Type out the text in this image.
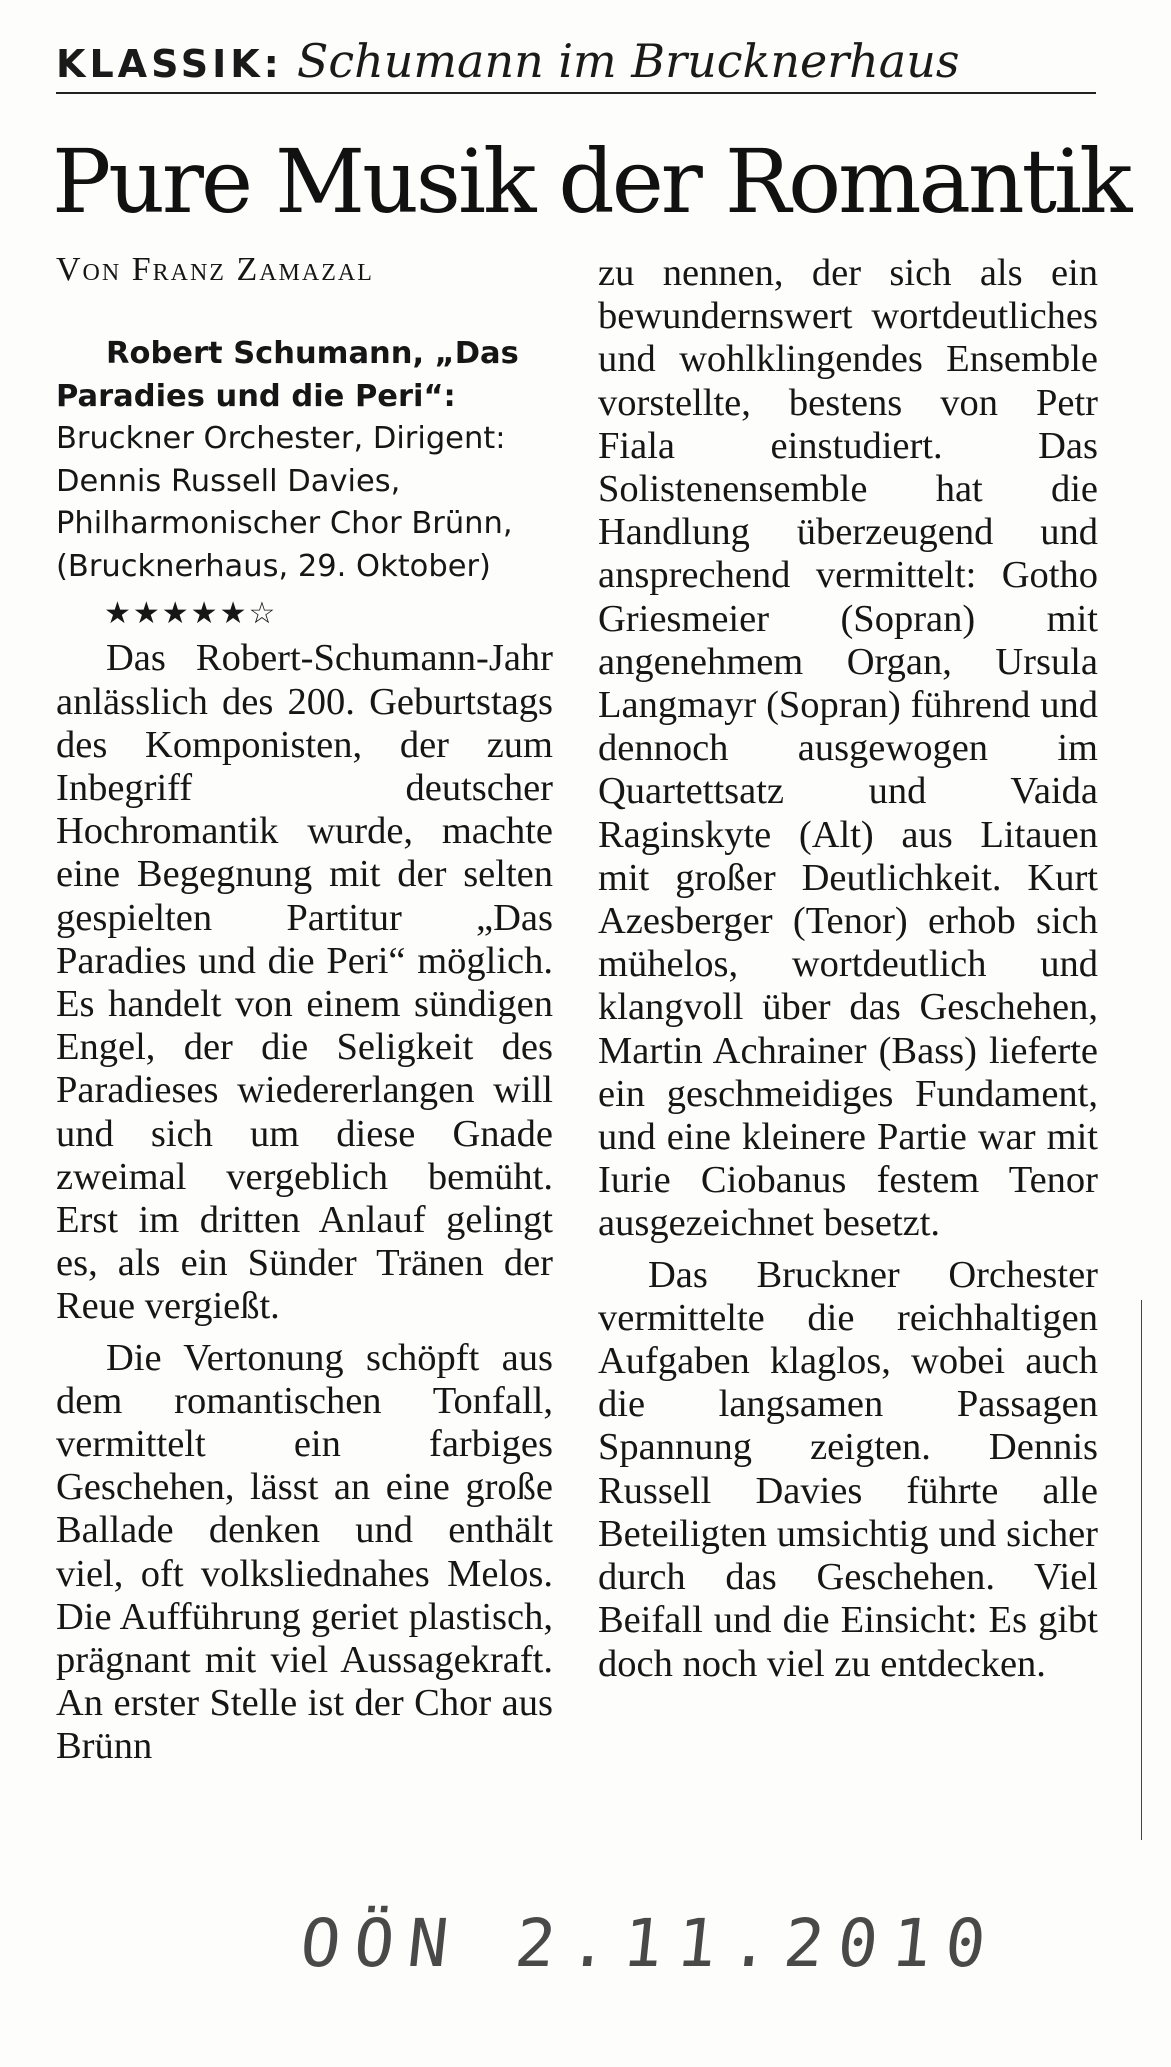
KLASSIK: Schumann im Brucknerhaus
Pure Musik der Romantik

Von Franz Zamazal

Robert Schumann, „Das
Paradies und die Peri“:
Bruckner Orchester, Dirigent: Dennis Russell Davies, Philharmonischer Chor Brünn, (Brucknerhaus, 29. Oktober)

★★★★★☆

Das Robert-Schumann-Jahr anlässlich des 200. Geburtstags des Komponisten, der zum Inbegriff deutscher Hochromantik wurde, machte eine Begegnung mit der selten gespielten Partitur „Das Paradies und die Peri“ möglich. Es handelt von einem sündigen Engel, der die Seligkeit des Paradieses wiedererlangen will und sich um diese Gnade zweimal vergeblich bemüht. Erst im dritten Anlauf gelingt es, als ein Sünder Tränen der Reue vergießt.

Die Vertonung schöpft aus dem romantischen Tonfall, vermittelt ein farbiges Geschehen, lässt an eine große Ballade denken und enthält viel, oft volksliednahes Melos. Die Aufführung geriet plastisch, prägnant mit viel Aussagekraft. An erster Stelle ist der Chor aus Brünn

zu nennen, der sich als ein bewundernswert wortdeutliches und wohlklingendes Ensemble vorstellte, bestens von Petr Fiala einstudiert. Das Solistenensemble hat die Handlung überzeugend und ansprechend vermittelt: Gotho Griesmeier (Sopran) mit angenehmem Organ, Ursula Langmayr (Sopran) führend und dennoch ausgewogen im Quartettsatz und Vaida Raginskyte (Alt) aus Litauen mit großer Deutlichkeit. Kurt Azesberger (Tenor) erhob sich mühelos, wortdeutlich und klangvoll über das Geschehen, Martin Achrainer (Bass) lieferte ein geschmeidiges Fundament, und eine kleinere Partie war mit Iurie Ciobanus festem Tenor ausgezeichnet besetzt.

Das Bruckner Orchester vermittelte die reichhaltigen Aufgaben klaglos, wobei auch die langsamen Passagen Spannung zeigten. Dennis Russell Davies führte alle Beteiligten umsichtig und sicher durch das Geschehen. Viel Beifall und die Einsicht: Es gibt doch noch viel zu entdecken.

OÖN 2.11.2010
